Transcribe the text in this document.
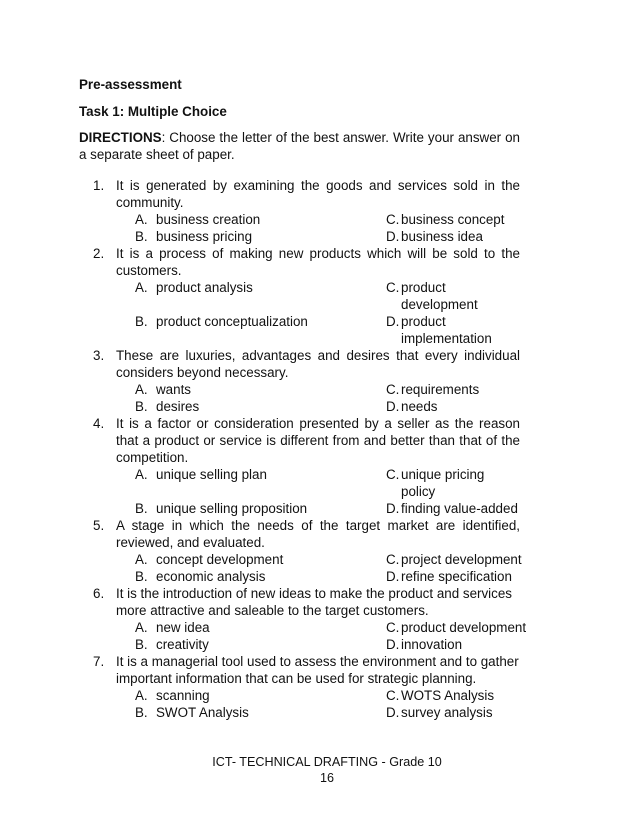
Pre-assessment

Task 1: Multiple Choice

DIRECTIONS: Choose the letter of the best answer. Write your answer on a separate sheet of paper.

1. It is generated by examining the goods and services sold in the community.
A. business creation	C. business concept
B. business pricing	D. business idea
2. It is a process of making new products which will be sold to the customers.
A. product analysis	C. product development
B. product conceptualization	D. product implementation
3. These are luxuries, advantages and desires that every individual considers beyond necessary.
A. wants	C. requirements
B. desires	D. needs
4. It is a factor or consideration presented by a seller as the reason that a product or service is different from and better than that of the competition.
A. unique selling plan	C. unique pricing policy
B. unique selling proposition	D. finding value-added
5. A stage in which the needs of the target market are identified, reviewed, and evaluated.
A. concept development	C. project development
B. economic analysis	D. refine specification
6. It is the introduction of new ideas to make the product and services more attractive and saleable to the target customers.
A. new idea	C. product development
B. creativity	D. innovation
7. It is a managerial tool used to assess the environment and to gather important information that can be used for strategic planning.
A. scanning	C. WOTS Analysis
B. SWOT Analysis	D. survey analysis

ICT- TECHNICAL DRAFTING - Grade 10

16
